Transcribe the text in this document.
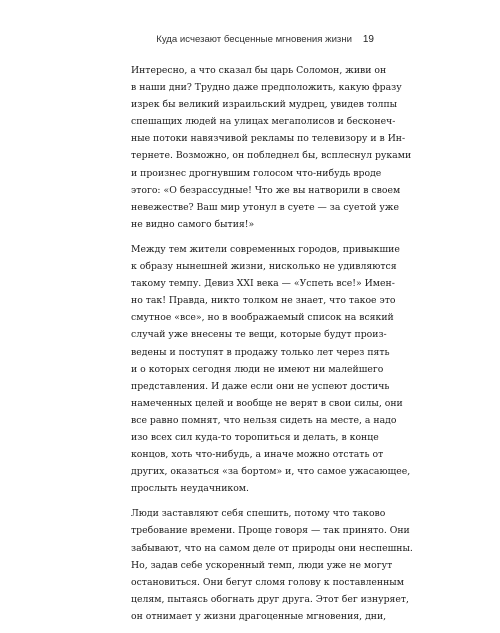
Куда исчезают бесценные мгновения жизни 19

Интересно, а что сказал бы царь Соломон, живи он
в наши дни? Трудно даже предположить, какую фразу
изрек бы великий израильский мудрец, увидев толпы
спешащих людей на улицах мегаполисов и бесконеч-
ные потоки навязчивой рекламы по телевизору и в Ин-
тернете. Возможно, он побледнел бы, всплеснул руками
и произнес дрогнувшим голосом что-нибудь вроде
этого: «О безрассудные! Что же вы натворили в своем
невежестве? Ваш мир утонул в суете — за суетой уже
не видно самого бытия!»

Между тем жители современных городов, привыкшие
к образу нынешней жизни, нисколько не удивляются
такому темпу. Девиз XXI века — «Успеть все!» Имен-
но так! Правда, никто толком не знает, что такое это
смутное «все», но в воображаемый список на всякий
случай уже внесены те вещи, которые будут произ-
ведены и поступят в продажу только лет через пять
и о которых сегодня люди не имеют ни малейшего
представления. И даже если они не успеют достичь
намеченных целей и вообще не верят в свои силы, они
все равно помнят, что нельзя сидеть на месте, а надо
изо всех сил куда-то торопиться и делать, в конце
концов, хоть что-нибудь, а иначе можно отстать от
других, оказаться «за бортом» и, что самое ужасающее,
прослыть неудачником.

Люди заставляют себя спешить, потому что таково
требование времени. Проще говоря — так принято. Они
забывают, что на самом деле от природы они неспешны.
Но, задав себе ускоренный темп, люди уже не могут
остановиться. Они бегут сломя голову к поставленным
целям, пытаясь обогнать друг друга. Этот бег изнуряет,
он отнимает у жизни драгоценные мгновения, дни,
